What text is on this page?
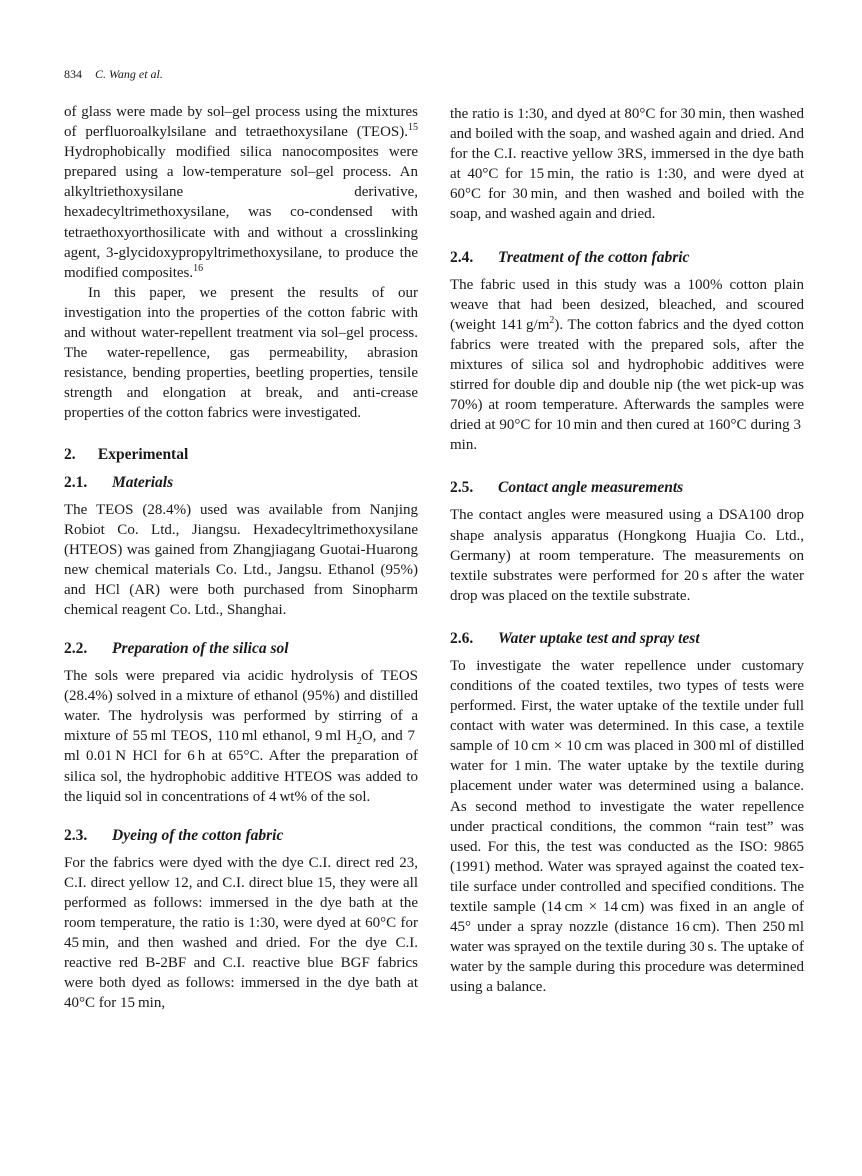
834 C. Wang et al.

of glass were made by sol–gel process using the mixtures of perfluoroalkylsilane and tetraethoxysilane (TEOS).$^{15}$ Hydrophobically modified silica nanocomposites were prepared using a low-temperature sol–gel process. An alkyltriethoxysilane derivative, hexadecyltrimethoxysilane, was co-condensed with tetraethoxyorthosilicate with and without a crosslinking agent, 3-glycidoxypropyltrimethoxysilane, to produce the modified composites.$^{16}$

In this paper, we present the results of our investigation into the properties of the cotton fabric with and without water-repellent treatment via sol–gel process. The water-repellence, gas permeability, abrasion resistance, bending properties, beetling properties, tensile strength and elongation at break, and anti-crease properties of the cotton fabrics were investigated.

2. Experimental
2.1.	Materials

The TEOS (28.4%) used was available from Nanjing Robiot Co. Ltd., Jiangsu. Hexadecyltrimethoxysilane (HTEOS) was gained from Zhangjiagang Guotai-Huarong new chemical materials Co. Ltd., Jangsu. Ethanol (95%) and HCl (AR) were both purchased from Sinopharm chemical reagent Co. Ltd., Shanghai.

2.2.	Preparation of the silica sol

The sols were prepared via acidic hydrolysis of TEOS (28.4%) solved in a mixture of ethanol (95%) and distilled water. The hydrolysis was performed by stirring of a mixture of 55 ml TEOS, 110 ml ethanol, 9 ml $H_2O$, and 7 ml 0.01 N HCl for 6 h at 65°C. After the preparation of silica sol, the hydrophobic additive HTEOS was added to the liquid sol in concentrations of 4 wt% of the sol.

2.3.	Dyeing of the cotton fabric

For the fabrics were dyed with the dye C.I. direct red 23, C.I. direct yellow 12, and C.I. direct blue 15, they were all performed as follows: immersed in the dye bath at the room temperature, the ratio is 1:30, were dyed at 60°C for 45 min, and then washed and dried. For the dye C.I. reactive red B-2BF and C.I. reactive blue BGF fabrics were both dyed as follows: immersed in the dye bath at 40°C for 15 min,

the ratio is 1:30, and dyed at 80°C for 30 min, then washed and boiled with the soap, and washed again and dried. And for the C.I. reactive yellow 3RS, immersed in the dye bath at 40°C for 15 min, the ratio is 1:30, and were dyed at 60°C for 30 min, and then washed and boiled with the soap, and washed again and dried.

2.4.	Treatment of the cotton fabric

The fabric used in this study was a 100% cotton plain weave that had been desized, bleached, and scoured (weight 141 $g/m^2$). The cotton fabrics and the dyed cotton fabrics were treated with the prepared sols, after the mixtures of silica sol and hydrophobic additives were stirred for double dip and double nip (the wet pick-up was 70%) at room temperature. Afterwards the samples were dried at 90°C for 10 min and then cured at 160°C during 3 min.

2.5.	Contact angle measurements

The contact angles were measured using a DSA100 drop shape analysis apparatus (Hongkong Huajia Co. Ltd., Germany) at room temperature. The measurements on textile substrates were performed for 20 s after the water drop was placed on the textile substrate.

2.6.	Water uptake test and spray test

To investigate the water repellence under customary conditions of the coated textiles, two types of tests were performed. First, the water uptake of the textile under full contact with water was determined. In this case, a textile sample of 10 cm × 10 cm was placed in 300 ml of distilled water for 1 min. The water uptake by the textile during placement under water was determined using a balance. As second method to investigate the water repellence under practical conditions, the common “rain test” was used. For this, the test was conducted as the ISO: 9865 (1991) method. Water was sprayed against the coated textile surface under controlled and specified conditions. The textile sample (14 cm × 14 cm) was fixed in an angle of 45° under a spray nozzle (distance 16 cm). Then 250 ml water was sprayed on the textile during 30 s. The uptake of water by the sample during this procedure was determined using a balance.
